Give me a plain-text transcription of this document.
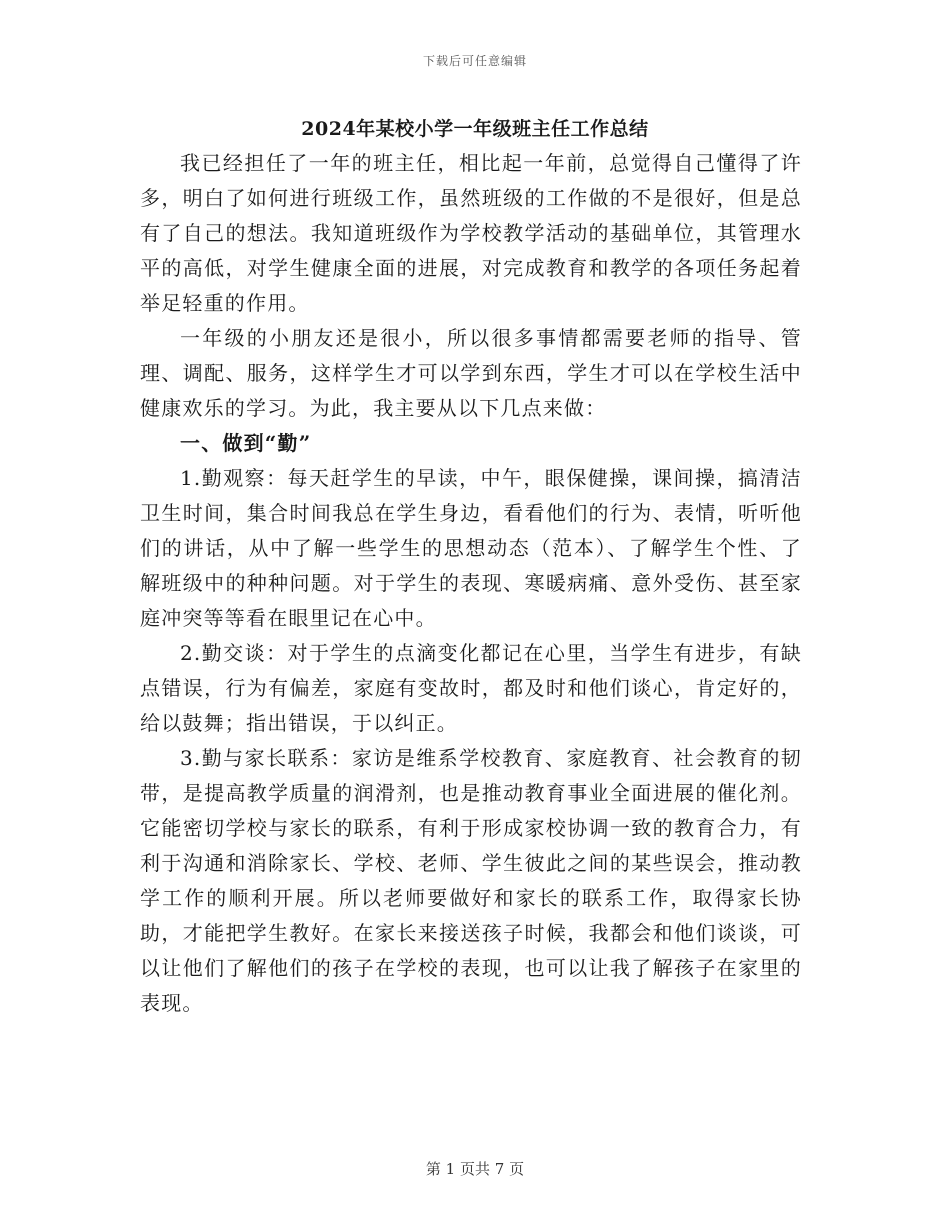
下载后可任意编辑
2024年某校小学一年级班主任工作总结

我已经担任了一年的班主任，相比起一年前，总觉得自己懂得了许多，明白了如何进行班级工作，虽然班级的工作做的不是很好，但是总有了自己的想法。我知道班级作为学校教学活动的基础单位，其管理水平的高低，对学生健康全面的进展，对完成教育和教学的各项任务起着举足轻重的作用。

一年级的小朋友还是很小，所以很多事情都需要老师的指导、管理、调配、服务，这样学生才可以学到东西，学生才可以在学校生活中健康欢乐的学习。为此，我主要从以下几点来做：

一、做到“勤”

1.勤观察：每天赶学生的早读，中午，眼保健操，课间操，搞清洁卫生时间，集合时间我总在学生身边，看看他们的行为、表情，听听他们的讲话，从中了解一些学生的思想动态（范本）、了解学生个性、了解班级中的种种问题。对于学生的表现、寒暖病痛、意外受伤、甚至家庭冲突等等看在眼里记在心中。

2.勤交谈：对于学生的点滴变化都记在心里，当学生有进步，有缺点错误，行为有偏差，家庭有变故时，都及时和他们谈心，肯定好的，给以鼓舞；指出错误，于以纠正。

3.勤与家长联系：家访是维系学校教育、家庭教育、社会教育的韧带，是提高教学质量的润滑剂，也是推动教育事业全面进展的催化剂。它能密切学校与家长的联系，有利于形成家校协调一致的教育合力，有利于沟通和消除家长、学校、老师、学生彼此之间的某些误会，推动教学工作的顺利开展。所以老师要做好和家长的联系工作，取得家长协助，才能把学生教好。在家长来接送孩子时候，我都会和他们谈谈，可以让他们了解他们的孩子在学校的表现，也可以让我了解孩子在家里的表现。

第 1 页共 7 页
